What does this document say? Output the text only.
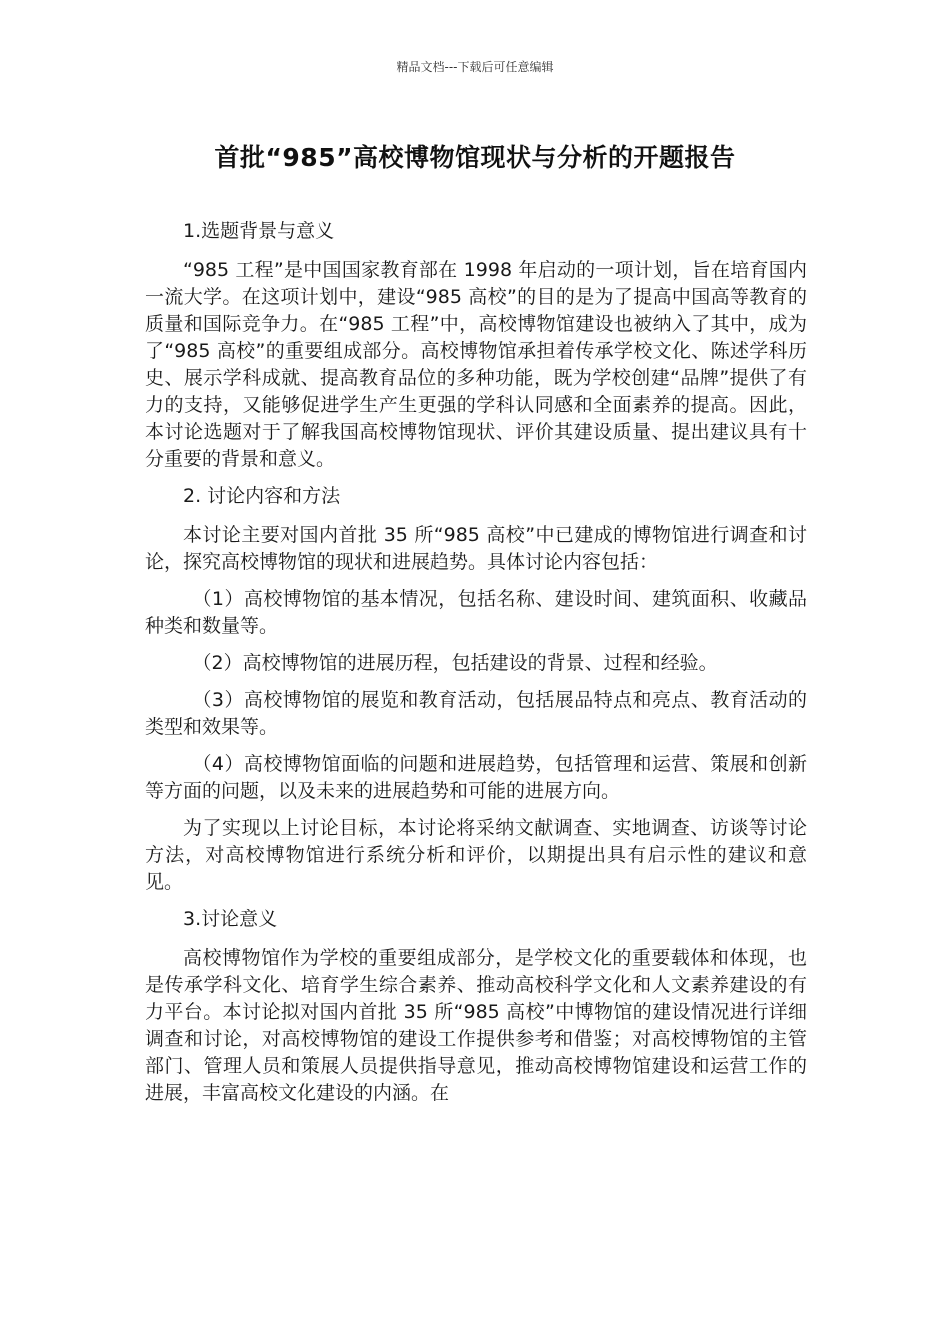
精品文档---下载后可任意编辑
首批“985”高校博物馆现状与分析的开题报告

1.选题背景与意义

“985 工程”是中国国家教育部在 1998 年启动的一项计划，旨在培育国内一流大学。在这项计划中，建设“985 高校”的目的是为了提高中国高等教育的质量和国际竞争力。在“985 工程”中，高校博物馆建设也被纳入了其中，成为了“985 高校”的重要组成部分。高校博物馆承担着传承学校文化、陈述学科历史、展示学科成就、提高教育品位的多种功能，既为学校创建“品牌”提供了有力的支持，又能够促进学生产生更强的学科认同感和全面素养的提高。因此，本讨论选题对于了解我国高校博物馆现状、评价其建设质量、提出建议具有十分重要的背景和意义。

2. 讨论内容和方法

本讨论主要对国内首批 35 所“985 高校”中已建成的博物馆进行调查和讨论，探究高校博物馆的现状和进展趋势。具体讨论内容包括：

（1）高校博物馆的基本情况，包括名称、建设时间、建筑面积、收藏品种类和数量等。

（2）高校博物馆的进展历程，包括建设的背景、过程和经验。

（3）高校博物馆的展览和教育活动，包括展品特点和亮点、教育活动的类型和效果等。

（4）高校博物馆面临的问题和进展趋势，包括管理和运营、策展和创新等方面的问题，以及未来的进展趋势和可能的进展方向。

为了实现以上讨论目标，本讨论将采纳文献调查、实地调查、访谈等讨论方法，对高校博物馆进行系统分析和评价，以期提出具有启示性的建议和意见。

3.讨论意义

高校博物馆作为学校的重要组成部分，是学校文化的重要载体和体现，也是传承学科文化、培育学生综合素养、推动高校科学文化和人文素养建设的有力平台。本讨论拟对国内首批 35 所“985 高校”中博物馆的建设情况进行详细调查和讨论，对高校博物馆的建设工作提供参考和借鉴；对高校博物馆的主管部门、管理人员和策展人员提供指导意见，推动高校博物馆建设和运营工作的进展，丰富高校文化建设的内涵。在
